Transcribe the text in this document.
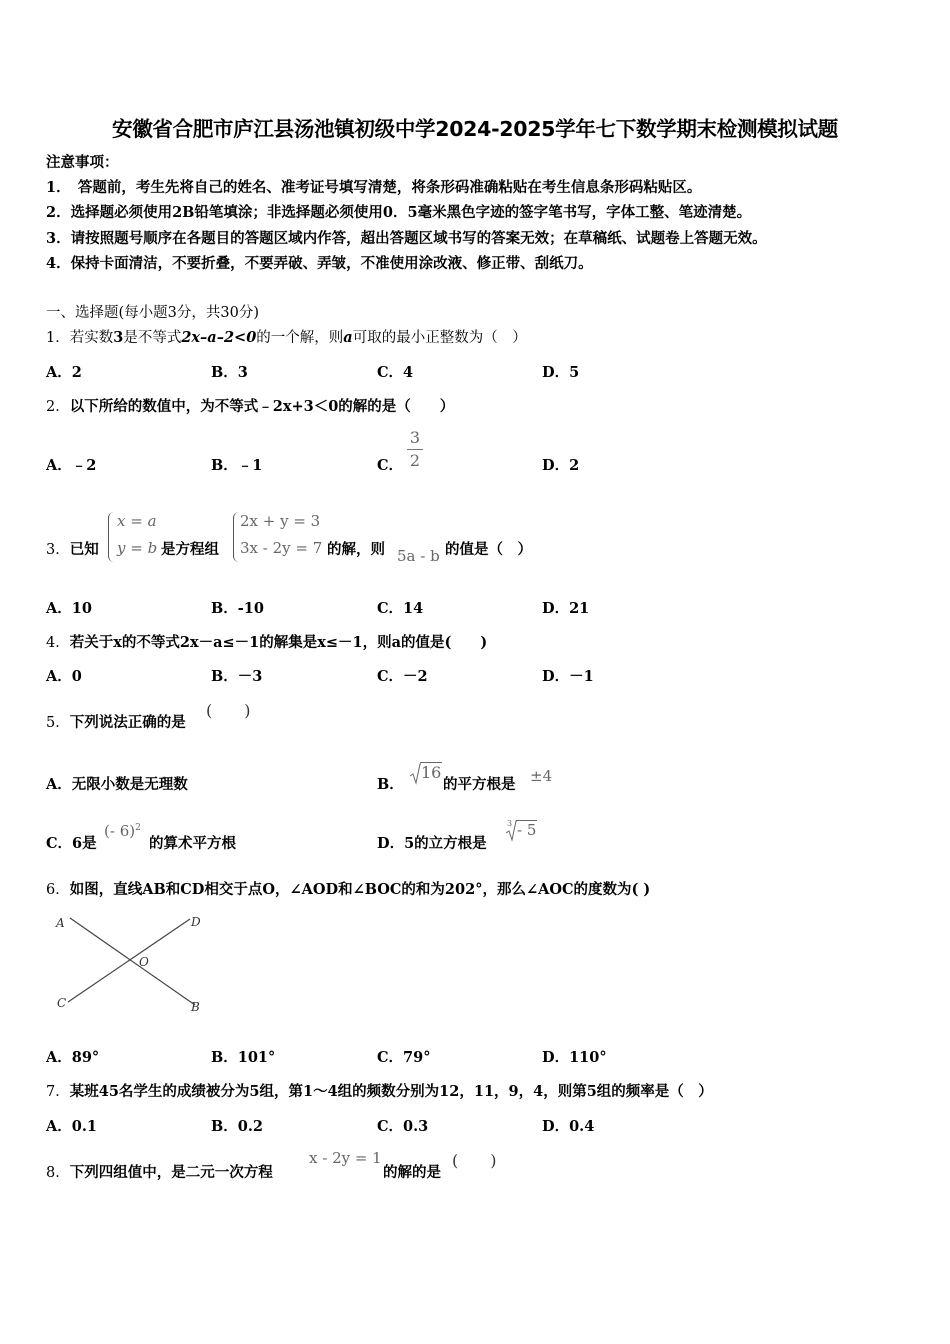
安徽省合肥市庐江县汤池镇初级中学2024-2025学年七下数学期末检测模拟试题
注意事项：
1．　答题前，考生先将自己的姓名、准考证号填写清楚，将条形码准确粘贴在考生信息条形码粘贴区。
2．选择题必须使用2B铅笔填涂；非选择题必须使用0．5毫米黑色字迹的签字笔书写，字体工整、笔迹清楚。
3．请按照题号顺序在各题目的答题区域内作答，超出答题区域书写的答案无效；在草稿纸、试题卷上答题无效。
4．保持卡面清洁，不要折叠，不要弄破、弄皱，不准使用涂改液、修正带、刮纸刀。
一、选择题(每小题3分，共30分)
1．若实数3是不等式2x–a–2<0的一个解，则a可取的最小正整数为（　）
A．2	B．3	C．4	D．5
2．以下所给的数值中，为不等式﹣2x+3＜0的解的是（　　）
A．﹣2	B．﹣1	C．
3
2	D．2
3．已知
x = a
y = b 是方程组
2x + y = 3
3x - 2y = 7 的解，则 5a - b 的值是（　）
A．10	B．-10	C．14	D．21
4．若关于x的不等式2x－a≤－1的解集是x≤－1，则a的值是(　　)
A．0	B．－3	C．－2	D．－1
5．下列说法正确的是
(　　)
A．无限小数是无理数	B．
16
的平方根是 ±4
C．6是
(- 6)$^2$
的算术平方根	D．5的立方根是
3 - 5
6．如图，直线AB和CD相交于点O，∠AOD和∠BOC的和为202°，那么∠AOC的度数为( )
A	D
O
C	B
A．89°	B．101°	C．79°	D．110°
7．某班45名学生的成绩被分为5组，第1～4组的频数分别为12，11，9，4，则第5组的频率是（　）
A．0.1	B．0.2	C．0.3	D．0.4
8．下列四组值中，是二元一次方程
x - 2y = 1
的解的是
(　　)
